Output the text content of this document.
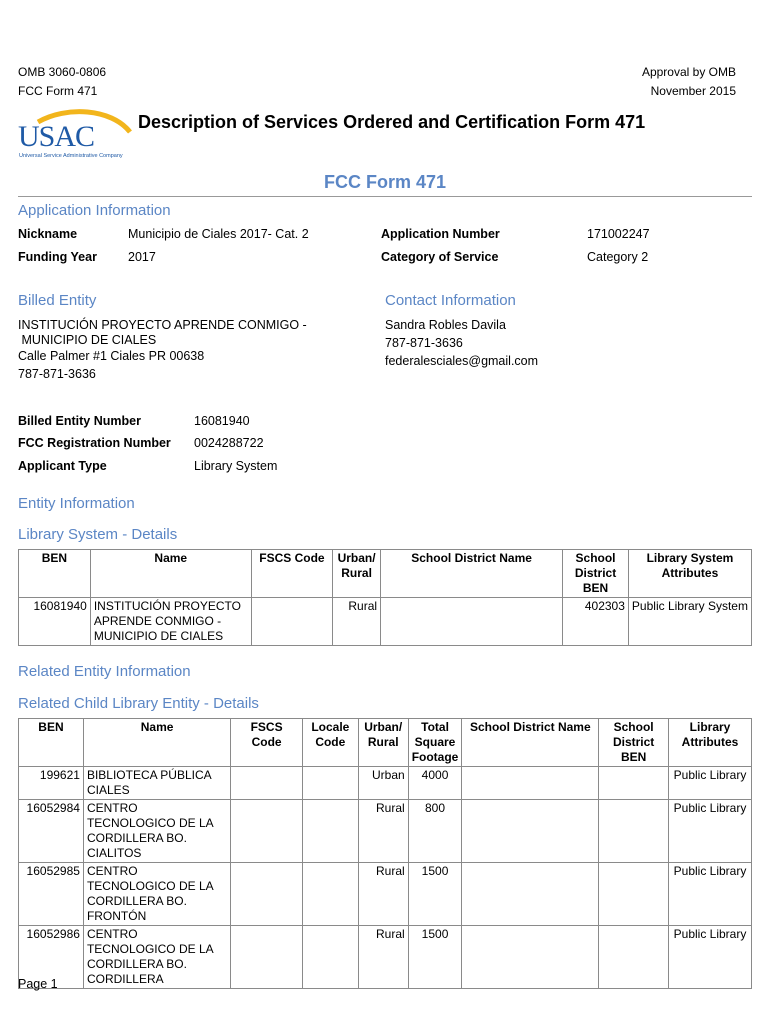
OMB 3060-0806
FCC Form 471
Approval by OMB
November 2015
USAC
Universal Service Administrative Company
Description of Services Ordered and Certification Form 471
FCC Form 471
Application Information
Nickname	Municipio de Ciales 2017- Cat. 2
Funding Year 2017
Application Number	171002247
Category of Service	Category 2
Billed Entity
INSTITUCIÓN PROYECTO APRENDE CONMIGO -
MUNICIPIO DE CIALES
Calle Palmer #1 Ciales PR 00638
787-871-3636
Contact Information
Sandra Robles Davila
787-871-3636
federalesciales@gmail.com
Billed Entity Number	16081940
FCC Registration Number 0024288722
Applicant Type	Library System
Entity Information
Library System - Details
BEN	Name	FSCS Code	Urban/ Rural	School District Name	School District BEN	Library System Attributes
16081940	INSTITUCIÓN PROYECTO APRENDE CONMIGO - MUNICIPIO DE CIALES		Rural		402303	Public Library System
Related Entity Information
Related Child Library Entity - Details
BEN	Name	FSCS Code	Locale Code	Urban/ Rural	Total Square Footage	School District Name	School District BEN	Library Attributes
199621	BIBLIOTECA PÚBLICA CIALES			Urban	4000			Public Library
16052984	CENTRO TECNOLOGICO DE LA CORDILLERA BO. CIALITOS			Rural	800			Public Library
16052985	CENTRO TECNOLOGICO DE LA CORDILLERA BO. FRONTÓN			Rural	1500			Public Library
16052986	CENTRO TECNOLOGICO DE LA CORDILLERA BO. CORDILLERA			Rural	1500			Public Library
Page 1
